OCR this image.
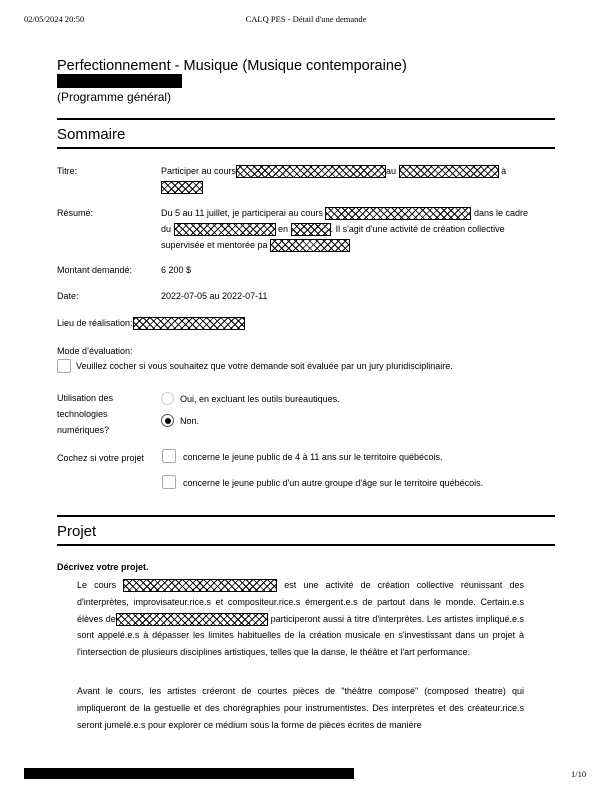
02/05/2024 20:50	CALQ PES - Détail d'une demande
Perfectionnement - Musique (Musique contemporaine)
(Programme général)
Sommaire
Titre:	Participer au cours	au	à

Résumé:	Du 5 au 11 juillet, je participerai au cours	dans le cadre du	en	. Il s'agit d'une activité de création collective supervisée et mentorée pa
Montant demandé:	6 200 $
Date:	2022-07-05 au 2022-07-11
Lieu de réalisation:
Mode d’évaluation:
Veuillez cocher si vous souhaitez que votre demande soit évaluée par un jury pluridisciplinaire.
Utilisation des technologies numériques?
Oui, en excluant les outils bureautiques.
Non.
Cochez si votre projet	concerne le jeune public de 4 à 11 ans sur le territoire québécois.
concerne le jeune public d'un autre groupe d'âge sur le territoire québécois.
Projet
Décrivez votre projet.
Le cours	est une activité de création collective réunissant des d'interprètes, improvisateur.rice.s et compositeur.rice.s émergent.e.s de partout dans le monde. Certain.e.s élèves de	participeront aussi à titre d'interprètes. Les artistes impliqué.e.s sont appelé.e.s à dépasser les limites habituelles de la création musicale en s'investissant dans un projet à l'intersection de plusieurs disciplines artistiques, telles que la danse, le théâtre et l'art performance.
Avant le cours, les artistes créeront de courtes pièces de "théâtre composé" (composed theatre) qui impliqueront de la gestuelle et des chorégraphies pour instrumentistes. Des interprètes et des créateur.rice.s seront jumelé.e.s pour explorer ce médium sous la forme de pièces écrites de manière
1/10
